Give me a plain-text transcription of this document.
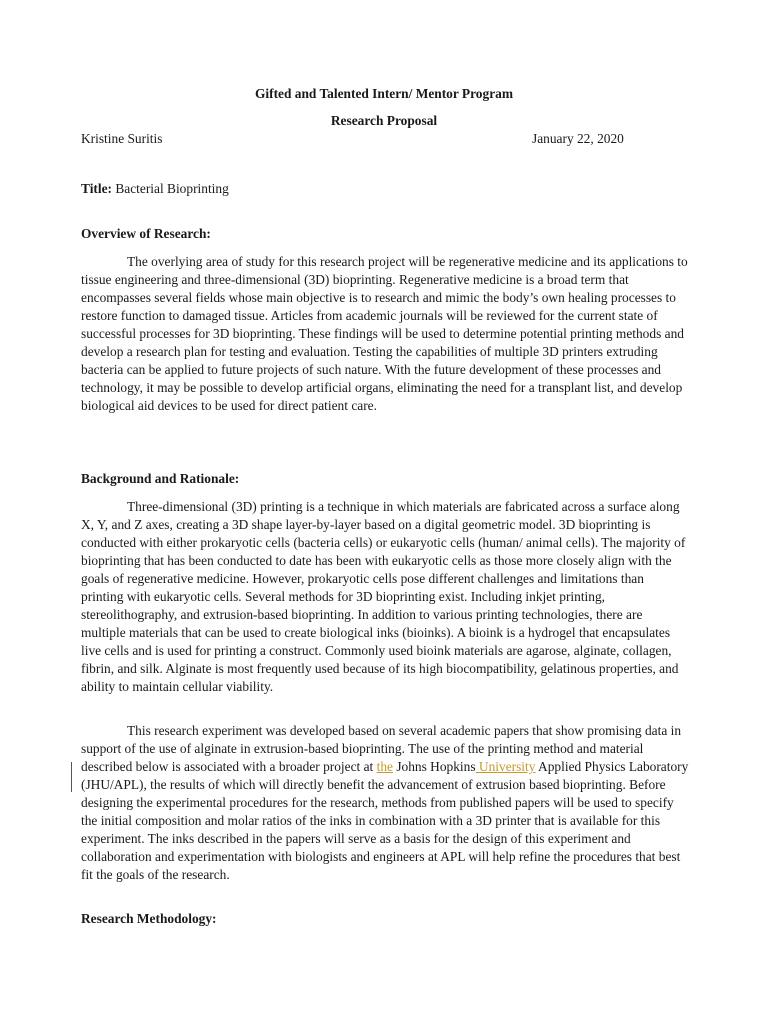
Gifted and Talented Intern/ Mentor Program
Research Proposal
Kristine Suritis	January 22, 2020
Title: Bacterial Bioprinting
Overview of Research:
The overlying area of study for this research project will be regenerative medicine and its applications to tissue engineering and three-dimensional (3D) bioprinting. Regenerative medicine is a broad term that encompasses several fields whose main objective is to research and mimic the body’s own healing processes to restore function to damaged tissue. Articles from academic journals will be reviewed for the current state of successful processes for 3D bioprinting. These findings will be used to determine potential printing methods and develop a research plan for testing and evaluation. Testing the capabilities of multiple 3D printers extruding bacteria can be applied to future projects of such nature. With the future development of these processes and technology, it may be possible to develop artificial organs, eliminating the need for a transplant list, and develop biological aid devices to be used for direct patient care.
Background and Rationale:
Three-dimensional (3D) printing is a technique in which materials are fabricated across a surface along X, Y, and Z axes, creating a 3D shape layer-by-layer based on a digital geometric model. 3D bioprinting is conducted with either prokaryotic cells (bacteria cells) or eukaryotic cells (human/ animal cells). The majority of bioprinting that has been conducted to date has been with eukaryotic cells as those more closely align with the goals of regenerative medicine. However, prokaryotic cells pose different challenges and limitations than printing with eukaryotic cells. Several methods for 3D bioprinting exist. Including inkjet printing, stereolithography, and extrusion-based bioprinting. In addition to various printing technologies, there are multiple materials that can be used to create biological inks (bioinks). A bioink is a hydrogel that encapsulates live cells and is used for printing a construct. Commonly used bioink materials are agarose, alginate, collagen, fibrin, and silk. Alginate is most frequently used because of its high biocompatibility, gelatinous properties, and ability to maintain cellular viability.
This research experiment was developed based on several academic papers that show promising data in support of the use of alginate in extrusion-based bioprinting. The use of the printing method and material described below is associated with a broader project at the Johns Hopkins University Applied Physics Laboratory (JHU/APL), the results of which will directly benefit the advancement of extrusion based bioprinting. Before designing the experimental procedures for the research, methods from published papers will be used to specify the initial composition and molar ratios of the inks in combination with a 3D printer that is available for this experiment. The inks described in the papers will serve as a basis for the design of this experiment and collaboration and experimentation with biologists and engineers at APL will help refine the procedures that best fit the goals of the research.
Research Methodology:
